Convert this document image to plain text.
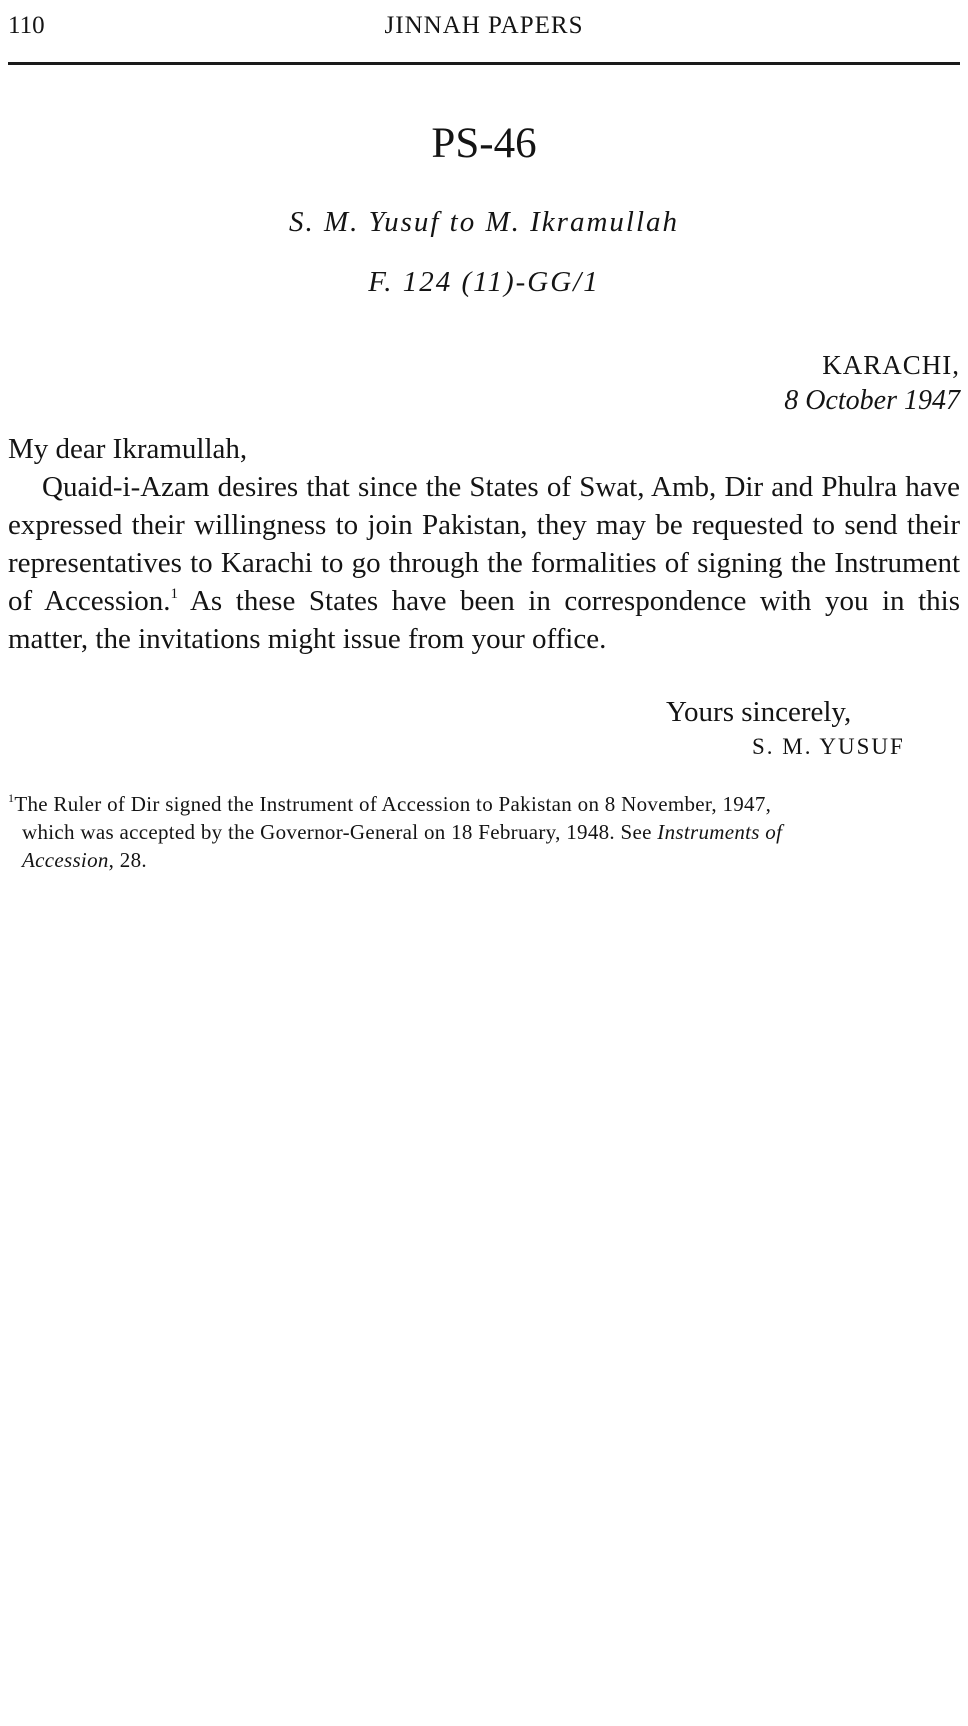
110	JINNAH PAPERS
PS-46
S. M. Yusuf to M. Ikramullah
F. 124 (11)-GG/1
KARACHI,
8 October 1947
My dear Ikramullah,

Quaid-i-Azam desires that since the States of Swat, Amb, Dir and Phulra have expressed their willingness to join Pakistan, they may be requested to send their representatives to Karachi to go through the formalities of signing the Instrument of Accession.$^1$ As these States have been in correspondence with you in this matter, the invitations might issue from your office.

Yours sincerely,
S. M. YUSUF
$^1$The Ruler of Dir signed the Instrument of Accession to Pakistan on 8 November, 1947,
which was accepted by the Governor-General on 18 February, 1948. See Instruments of
Accession, 28.
